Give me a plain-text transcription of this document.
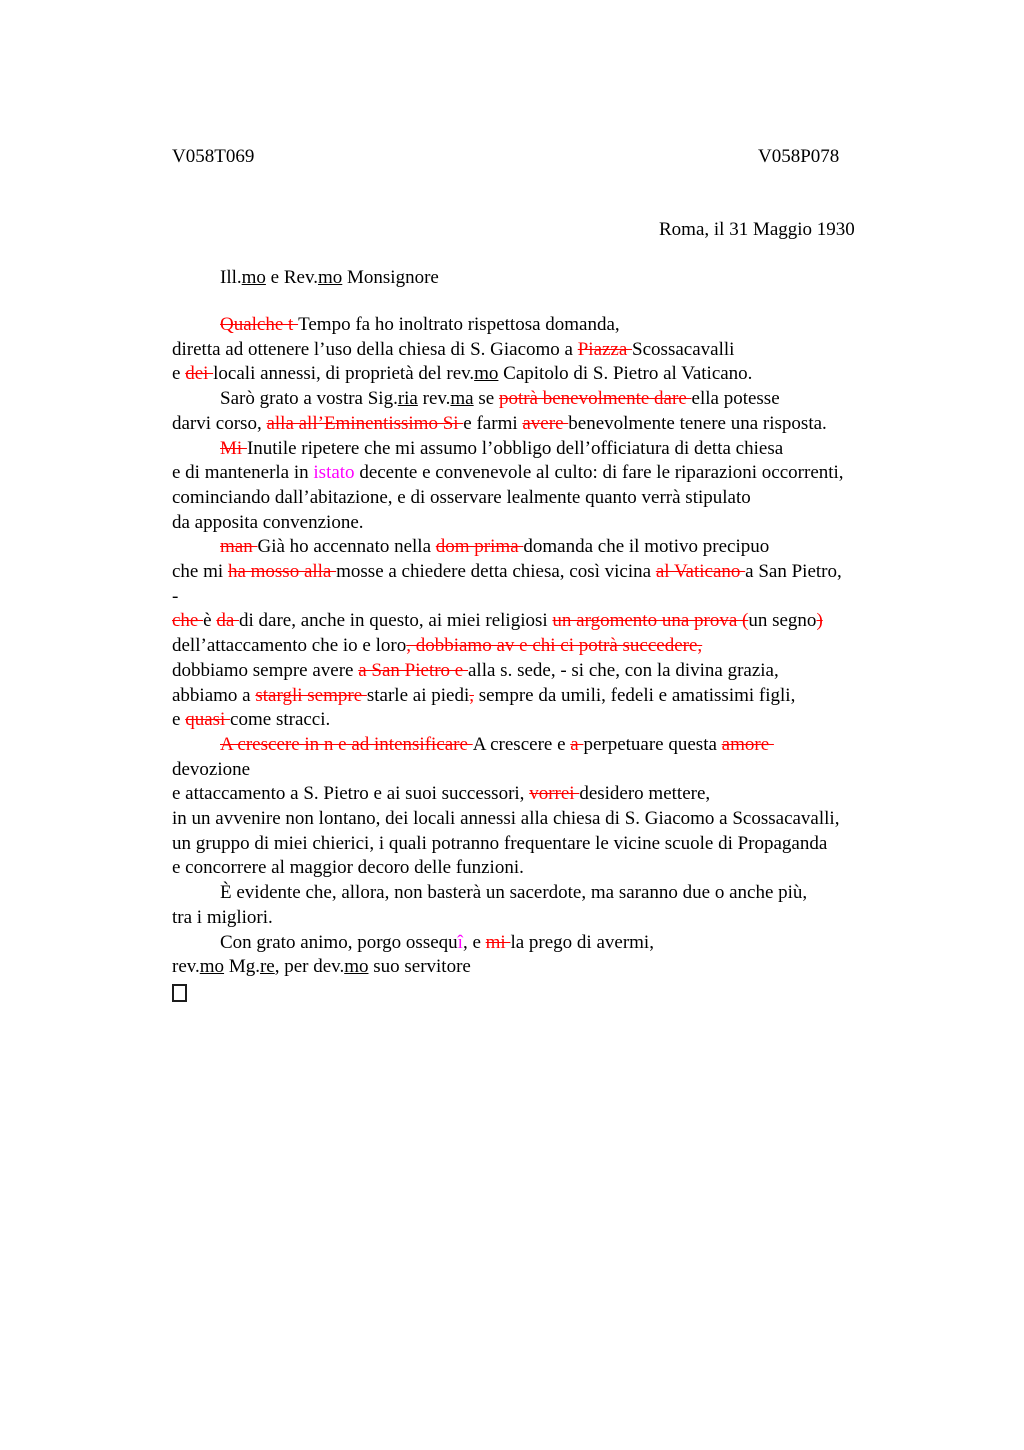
V058T069	V058P078
Roma, il 31 Maggio 1930
Ill.mo e Rev.mo Monsignore
Qualche t Tempo fa ho inoltrato rispettosa domanda,
diretta ad ottenere l’uso della chiesa di S. Giacomo a Piazza Scossacavalli
e dei locali annessi, di proprietà del rev.mo Capitolo di S. Pietro al Vaticano.
Sarò grato a vostra Sig.ria rev.ma se potrà benevolmente dare ella potesse
darvi corso, alla all’Eminentissimo Si e farmi avere benevolmente tenere una risposta.
Mi Inutile ripetere che mi assumo l’obbligo dell’officiatura di detta chiesa
e di mantenerla in istato decente e convenevole al culto: di fare le riparazioni occorrenti,
cominciando dall’abitazione, e di osservare lealmente quanto verrà stipulato
da apposita convenzione.
man Già ho accennato nella dom prima domanda che il motivo precipuo
che mi ha mosso alla mosse a chiedere detta chiesa, così vicina al Vaticano a San Pietro,
-
che è da di dare, anche in questo, ai miei religiosi un argomento una prova (un segno)
dell’attaccamento che io e loro, dobbiamo av e chi ci potrà succedere,
dobbiamo sempre avere a San Pietro e alla s. sede, - si che, con la divina grazia,
abbiamo a stargli sempre starle ai piedi, sempre da umili, fedeli e amatissimi figli,
e quasi come stracci.
A crescere in n e ad intensificare A crescere e a perpetuare questa amore
devozione
e attaccamento a S. Pietro e ai suoi successori, vorrei desidero mettere,
in un avvenire non lontano, dei locali annessi alla chiesa di S. Giacomo a Scossacavalli,
un gruppo di miei chierici, i quali potranno frequentare le vicine scuole di Propaganda
e concorrere al maggior decoro delle funzioni.
È evidente che, allora, non basterà un sacerdote, ma saranno due o anche più,
tra i migliori.
Con grato animo, porgo ossequî, e mi la prego di avermi,
rev.mo Mg.re, per dev.mo suo servitore
